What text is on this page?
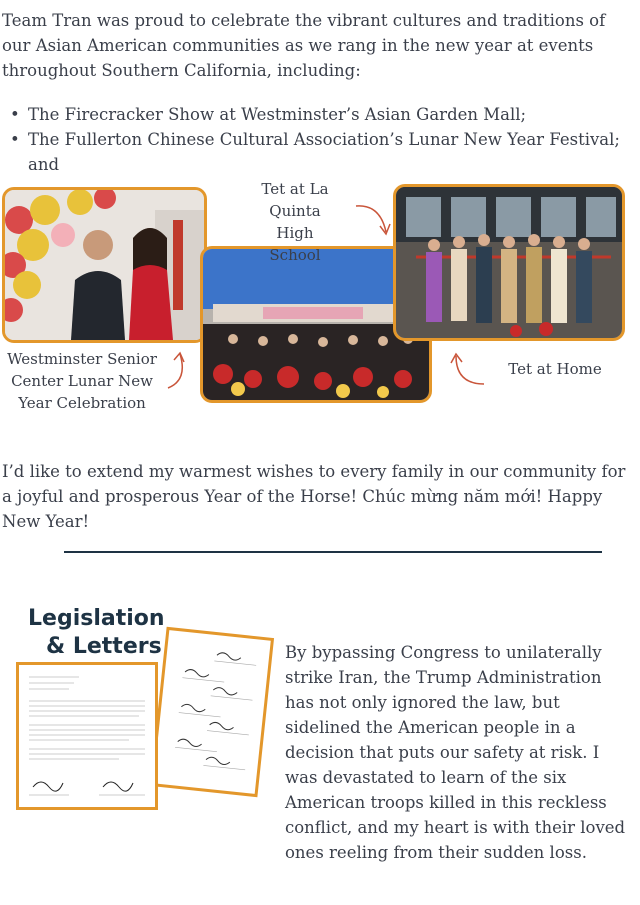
Team Tran was proud to celebrate the vibrant cultures and traditions of our Asian American communities as we rang in the new year at events throughout Southern California, including:

• The Firecracker Show at Westminster’s Asian Garden Mall;
• The Fullerton Chinese Cultural Association’s Lunar New Year Festival; and

Tet at La Quinta High School

Westminster Senior Center Lunar New Year Celebration

Tet at Home

I’d like to extend my warmest wishes to every family in our community for a joyful and prosperous Year of the Horse! Chúc mừng năm mới! Happy New Year!

Legislation
& Letters	By bypassing Congress to unilaterally strike Iran, the Trump Administration has not only ignored the law, but sidelined the American people in a decision that puts our safety at risk. I was devastated to learn of the six American troops killed in this reckless conflict, and my heart is with their loved ones reeling from their sudden loss.
